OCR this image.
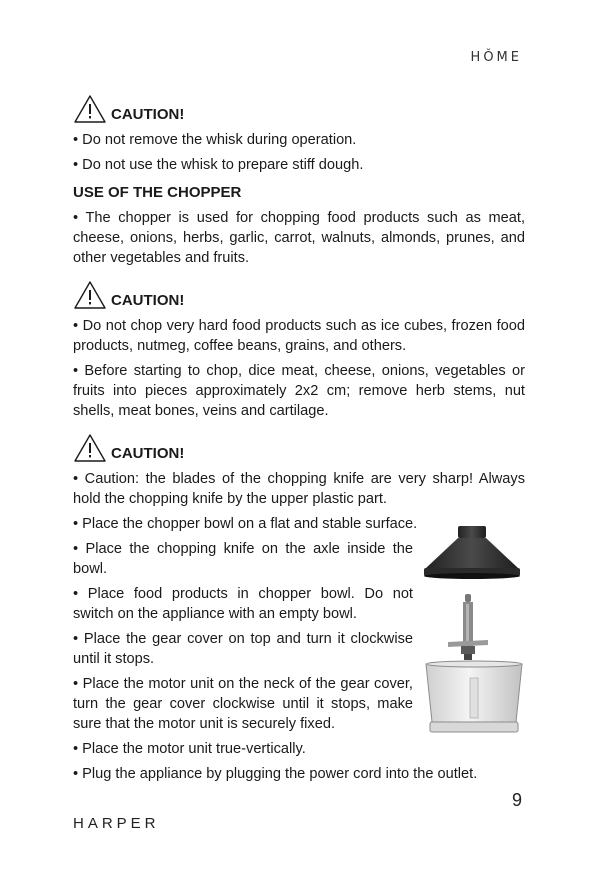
HǑME
CAUTION!

• Do not remove the whisk during operation.

• Do not use the whisk to prepare stiff dough.

USE OF THE CHOPPER

• The chopper is used for chopping food products such as meat, cheese, onions, herbs, garlic, carrot, walnuts, almonds, prunes, and other vegetables and fruits.

CAUTION!

• Do not chop very hard food products such as ice cubes, frozen food products, nutmeg, coffee beans, grains, and others.

• Before starting to chop, dice meat, cheese, onions, vegetables or fruits into pieces approximately 2x2 cm; remove herb stems, nut shells, meat bones, veins and cartilage.

CAUTION!

• Caution: the blades of the chopping knife are very sharp! Always hold the chopping knife by the upper plastic part.

• Place the chopper bowl on a flat and stable surface.

• Place the chopping knife on the axle inside the bowl.

• Place food products in chopper bowl. Do not switch on the appliance with an empty bowl.

• Place the gear cover on top and turn it clockwise until it stops.

• Place the motor unit on the neck of the gear cover, turn the gear cover clockwise until it stops, make sure that the motor unit is securely fixed.

• Place the motor unit true-vertically.

• Plug the appliance by plugging the power cord into the outlet.

HARPER
9
